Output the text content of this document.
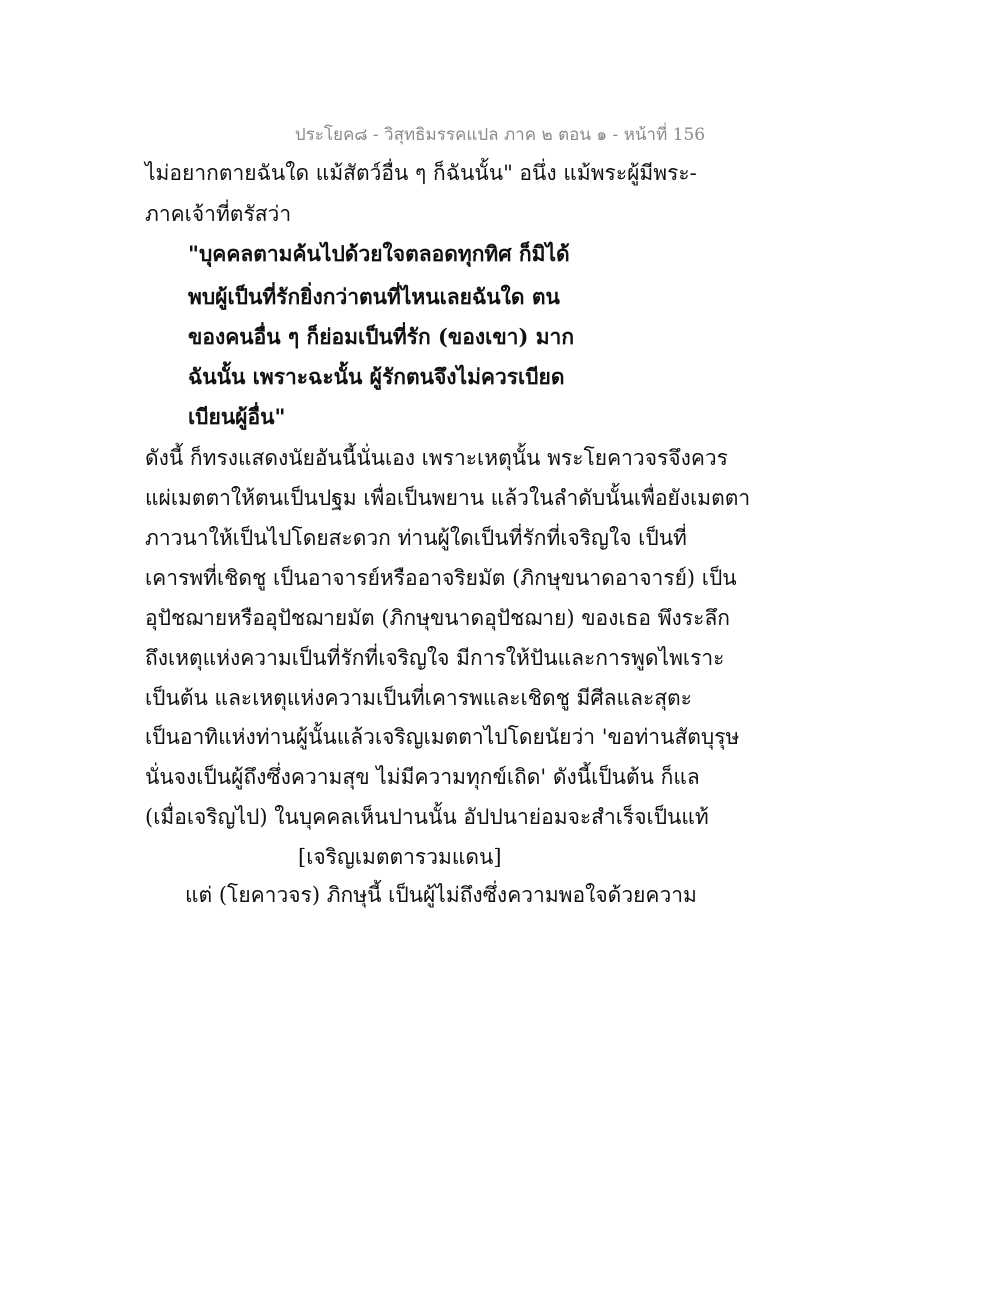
ประโยค๘ - วิสุทธิมรรคแปล ภาค ๒ ตอน ๑ - หน้าที่ 156
ไม่อยากตายฉันใด แม้สัตว์อื่น ๆ ก็ฉันนั้น" อนึ่ง แม้พระผู้มีพระ-
ภาคเจ้าที่ตรัสว่า
"บุคคลตามค้นไปด้วยใจตลอดทุกทิศ ก็มิได้
พบผู้เป็นที่รักยิ่งกว่าตนที่ไหนเลยฉันใด ตน
ของคนอื่น ๆ ก็ย่อมเป็นที่รัก (ของเขา) มาก
ฉันนั้น เพราะฉะนั้น ผู้รักตนจึงไม่ควรเบียด
เบียนผู้อื่น"
ดังนี้ ก็ทรงแสดงนัยอันนี้นั่นเอง เพราะเหตุนั้น พระโยคาวจรจึงควร
แผ่เมตตาให้ตนเป็นปฐม เพื่อเป็นพยาน แล้วในลำดับนั้นเพื่อยังเมตตา
ภาวนาให้เป็นไปโดยสะดวก ท่านผู้ใดเป็นที่รักที่เจริญใจ เป็นที่
เคารพที่เชิดชู เป็นอาจารย์หรืออาจริยมัต (ภิกษุขนาดอาจารย์) เป็น
อุปัชฌายหรืออุปัชฌายมัต (ภิกษุขนาดอุปัชฌาย) ของเธอ พึงระลึก
ถึงเหตุแห่งความเป็นที่รักที่เจริญใจ มีการให้ปันและการพูดไพเราะ
เป็นต้น และเหตุแห่งความเป็นที่เคารพและเชิดชู มีศีลและสุตะ
เป็นอาทิแห่งท่านผู้นั้นแล้วเจริญเมตตาไปโดยนัยว่า 'ขอท่านสัตบุรุษ
นั่นจงเป็นผู้ถึงซึ่งความสุข ไม่มีความทุกข์เถิด' ดังนี้เป็นต้น ก็แล
(เมื่อเจริญไป) ในบุคคลเห็นปานนั้น อัปปนาย่อมจะสำเร็จเป็นแท้
[เจริญเมตตารวมแดน]
แต่ (โยคาวจร) ภิกษุนี้ เป็นผู้ไม่ถึงซึ่งความพอใจด้วยความ
